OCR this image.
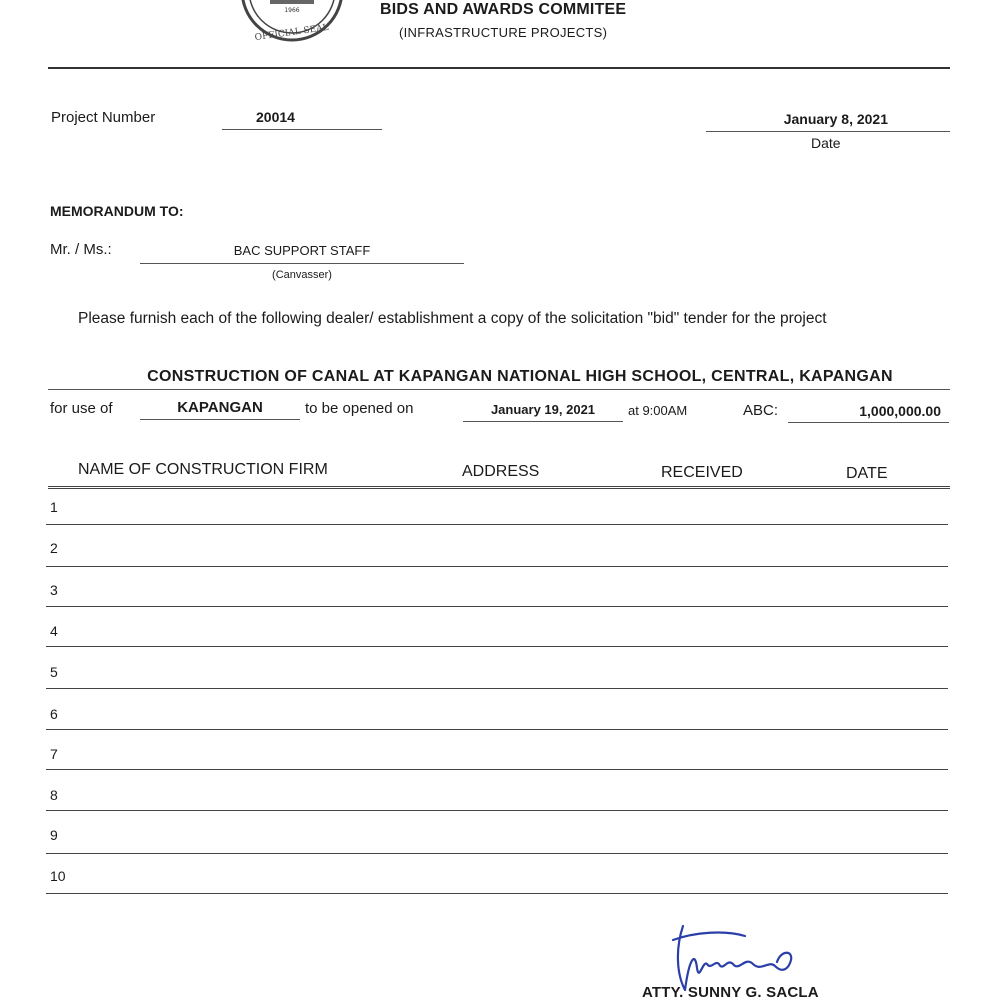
1966
OFFICIAL SEAL
BIDS AND AWARDS COMMITEE
(INFRASTRUCTURE PROJECTS)
Project Number	20014	January 8, 2021
Date
MEMORANDUM TO:
Mr. / Ms.:	BAC SUPPORT STAFF
(Canvasser)
Please furnish each of the following dealer/ establishment a copy of the solicitation "bid" tender for the project
CONSTRUCTION OF CANAL AT KAPANGAN NATIONAL HIGH SCHOOL, CENTRAL, KAPANGAN
for use of	KAPANGAN	to be opened on	January 19, 2021	at 9:00AM	ABC:	1,000,000.00
NAME OF CONSTRUCTION FIRM	ADDRESS	RECEIVED	DATE
1
2
3
4
5
6
7
8
9
10
ATTY. SUNNY G. SACLA
